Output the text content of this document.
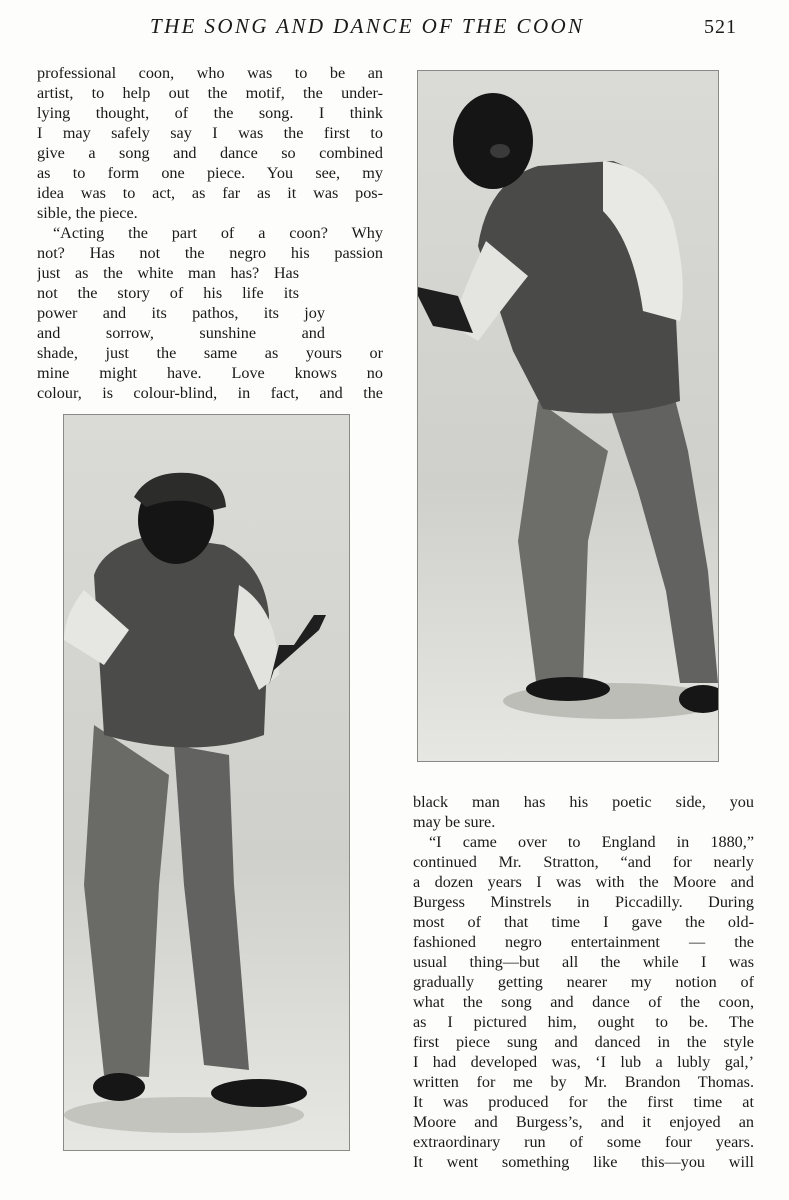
THE SONG AND DANCE OF THE COON	521
professional coon, who was to be an
artist, to help out the motif, the under-
lying thought, of the song. I think
I may safely say I was the first to
give a song and dance so combined
as to form one piece. You see, my
idea was to act, as far as it was pos-
sible, the piece.
“Acting the part of a coon? Why
not? Has not the negro his passion
just as the white man has? Has
not the story of his life its
power and its pathos, its joy
and sorrow, sunshine and
shade, just the same as yours or
mine might have. Love knows no
colour, is colour-blind, in fact, and the
black man has his poetic side, you
may be sure.
“I came over to England in 1880,”
continued Mr. Stratton, “and for nearly
a dozen years I was with the Moore and
Burgess Minstrels in Piccadilly. During
most of that time I gave the old-
fashioned negro entertainment — the
usual thing—but all the while I was
gradually getting nearer my notion of
what the song and dance of the coon,
as I pictured him, ought to be. The
first piece sung and danced in the style
I had developed was, ‘I lub a lubly gal,’
written for me by Mr. Brandon Thomas.
It was produced for the first time at
Moore and Burgess’s, and it enjoyed an
extraordinary run of some four years.
It went something like this—you will
